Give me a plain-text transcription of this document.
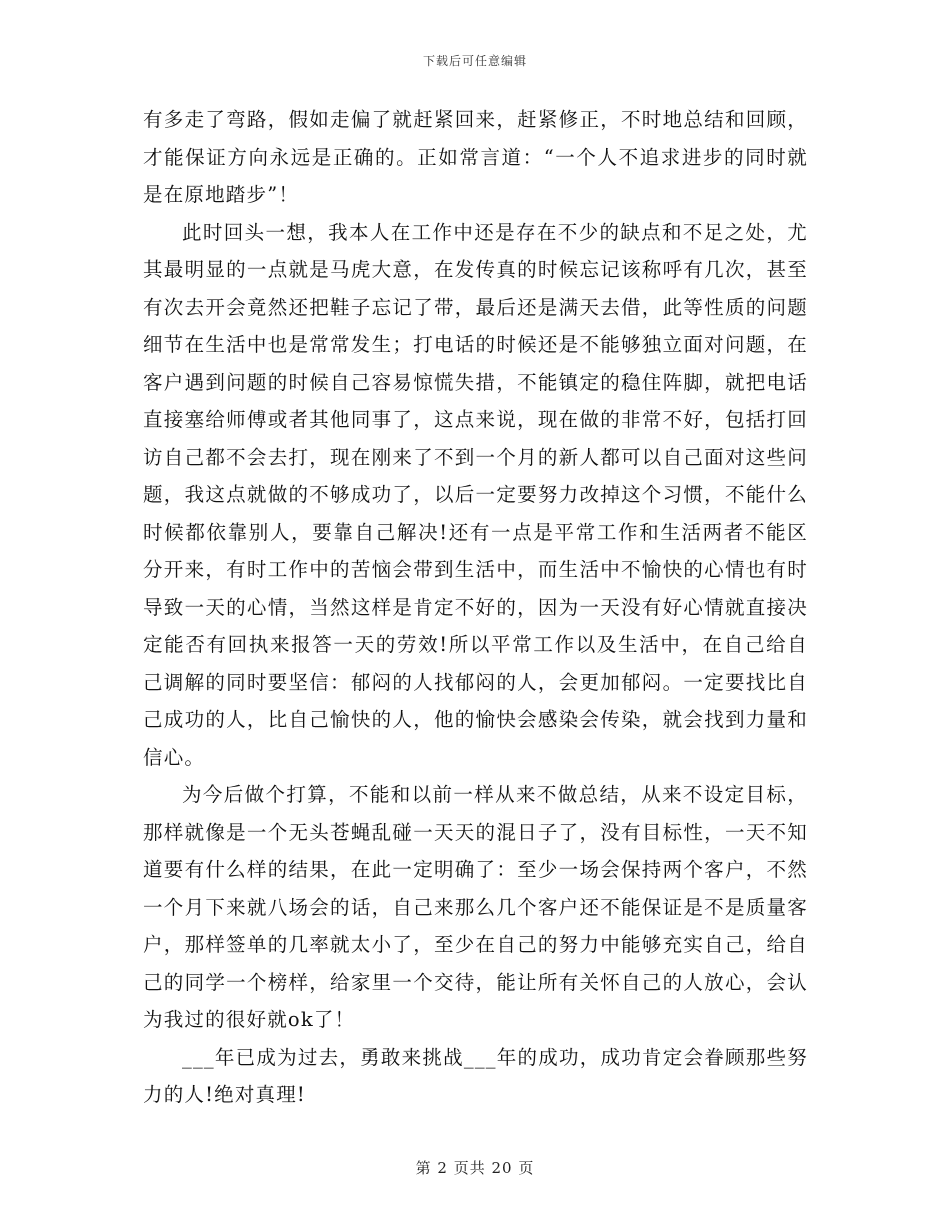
下载后可任意编辑

有多走了弯路，假如走偏了就赶紧回来，赶紧修正，不时地总结和回顾，才能保证方向永远是正确的。正如常言道：“一个人不追求进步的同时就是在原地踏步”！

此时回头一想，我本人在工作中还是存在不少的缺点和不足之处，尤其最明显的一点就是马虎大意，在发传真的时候忘记该称呼有几次，甚至有次去开会竟然还把鞋子忘记了带，最后还是满天去借，此等性质的问题细节在生活中也是常常发生；打电话的时候还是不能够独立面对问题，在客户遇到问题的时候自己容易惊慌失措，不能镇定的稳住阵脚，就把电话直接塞给师傅或者其他同事了，这点来说，现在做的非常不好，包括打回访自己都不会去打，现在刚来了不到一个月的新人都可以自己面对这些问题，我这点就做的不够成功了，以后一定要努力改掉这个习惯，不能什么时候都依靠别人，要靠自己解决!还有一点是平常工作和生活两者不能区分开来，有时工作中的苦恼会带到生活中，而生活中不愉快的心情也有时导致一天的心情，当然这样是肯定不好的，因为一天没有好心情就直接决定能否有回执来报答一天的劳效!所以平常工作以及生活中，在自己给自己调解的同时要坚信：郁闷的人找郁闷的人，会更加郁闷。一定要找比自己成功的人，比自己愉快的人，他的愉快会感染会传染，就会找到力量和信心。

为今后做个打算，不能和以前一样从来不做总结，从来不设定目标，那样就像是一个无头苍蝇乱碰一天天的混日子了，没有目标性，一天不知道要有什么样的结果，在此一定明确了：至少一场会保持两个客户，不然一个月下来就八场会的话，自己来那么几个客户还不能保证是不是质量客户，那样签单的几率就太小了，至少在自己的努力中能够充实自己，给自己的同学一个榜样，给家里一个交待，能让所有关怀自己的人放心，会认为我过的很好就ok了！

___年已成为过去，勇敢来挑战___年的成功，成功肯定会眷顾那些努力的人!绝对真理!

第 2 页共 20 页
